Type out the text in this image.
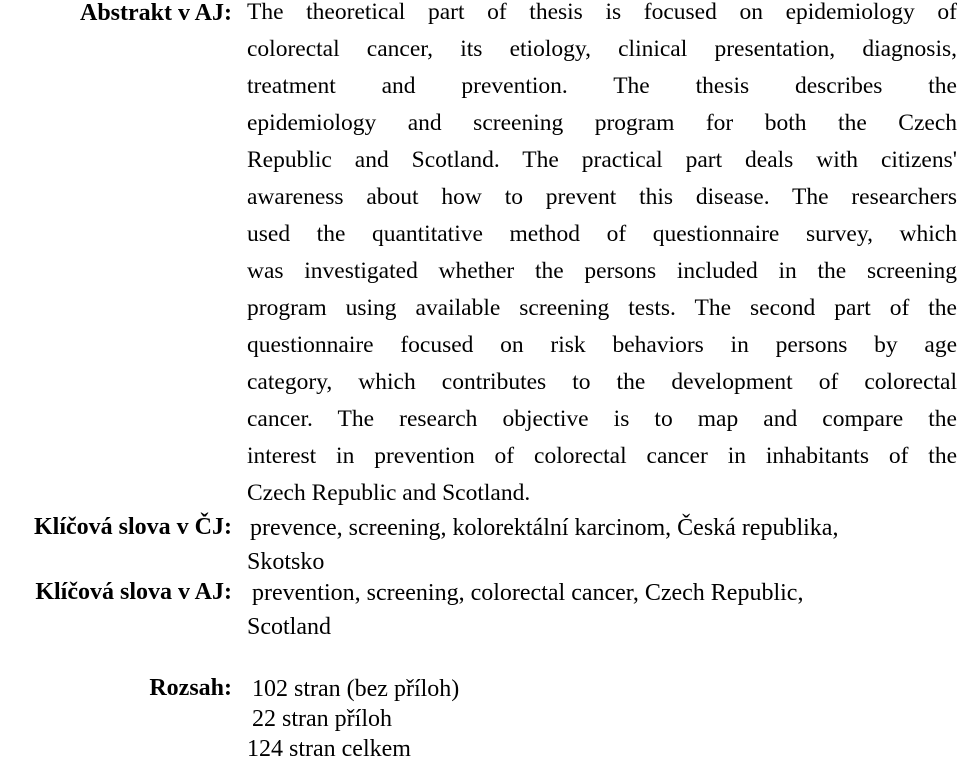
Abstrakt v AJ: The theoretical part of thesis is focused on epidemiology of
colorectal cancer, its etiology, clinical presentation, diagnosis,
treatment and prevention. The thesis describes the
epidemiology and screening program for both the Czech
Republic and Scotland. The practical part deals with citizens'
awareness about how to prevent this disease. The researchers
used the quantitative method of questionnaire survey, which
was investigated whether the persons included in the screening
program using available screening tests. The second part of the
questionnaire focused on risk behaviors in persons by age
category, which contributes to the development of colorectal
cancer. The research objective is to map and compare the
interest in prevention of colorectal cancer in inhabitants of the
Czech Republic and Scotland.
Klíčová slova v ČJ: prevence, screening, kolorektální karcinom, Česká republika,
Skotsko
Klíčová slova v AJ: prevention, screening, colorectal cancer, Czech Republic,
Scotland
Rozsah: 102 stran (bez příloh)
22 stran příloh
124 stran celkem
